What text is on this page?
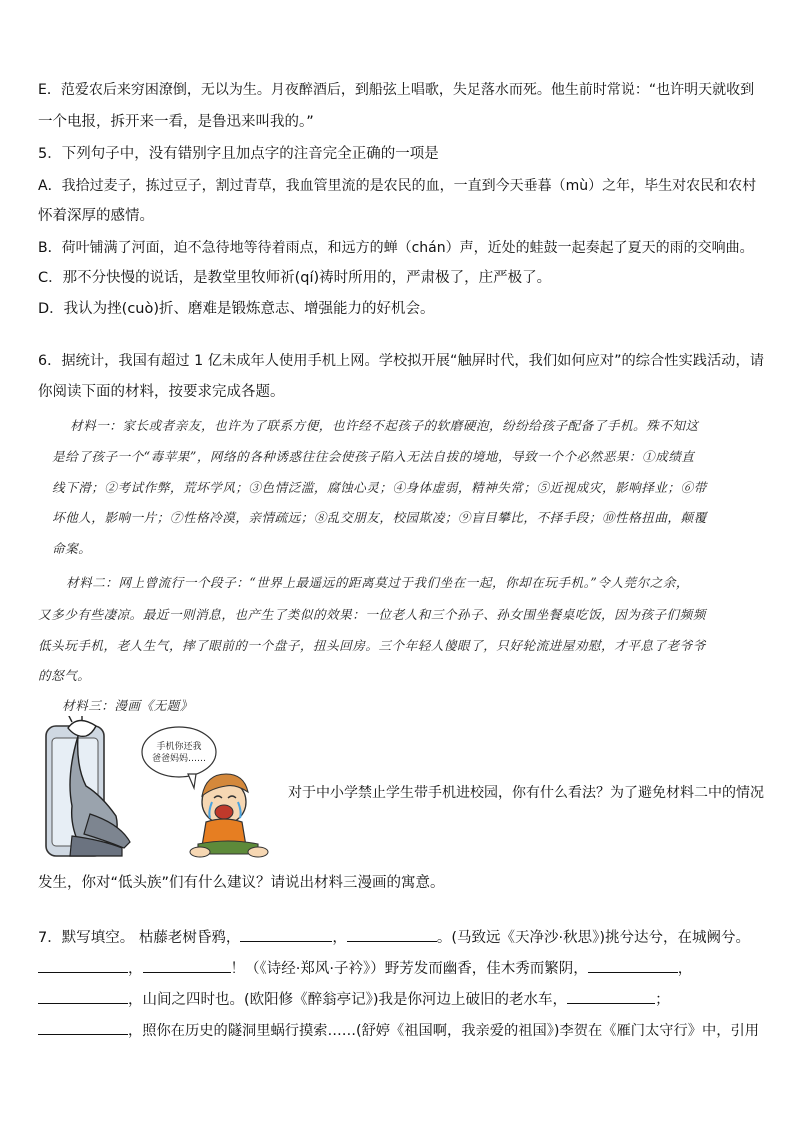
E．范爱农后来穷困潦倒，无以为生。月夜醉酒后，到船弦上唱歌，失足落水而死。他生前时常说：“也许明天就收到
一个电报，拆开来一看，是鲁迅来叫我的。”
5．下列句子中，没有错别字且加点字的注音完全正确的一项是
A．我拾过麦子，拣过豆子，割过青草，我血管里流的是农民的血，一直到今天垂暮（mù）之年，毕生对农民和农村
怀着深厚的感情。
B．荷叶铺满了河面，迫不急待地等待着雨点，和远方的蝉（chán）声，近处的蛙鼓一起奏起了夏天的雨的交响曲。
C．那不分快慢的说话，是教堂里牧师祈(qí)祷时所用的，严肃极了，庄严极了。
D．我认为挫(cuò)折、磨难是锻炼意志、增强能力的好机会。
6．据统计，我国有超过 1 亿未成年人使用手机上网。学校拟开展“触屏时代，我们如何应对”的综合性实践活动，请
你阅读下面的材料，按要求完成各题。
材料一：家长或者亲友，也许为了联系方便，也许经不起孩子的软磨硬泡，纷纷给孩子配备了手机。殊不知这
是给了孩子一个“毒苹果”，网络的各种诱惑往往会使孩子陷入无法自拔的境地，导致一个个必然恶果：①成绩直
线下滑；②考试作弊，荒坏学风；③色情泛滥，腐蚀心灵；④身体虚弱，精神失常；⑤近视成灾，影响择业；⑥带
坏他人，影响一片；⑦性格冷漠，亲情疏远；⑧乱交朋友，校园欺凌；⑨盲目攀比，不择手段；⑩性格扭曲，颠覆
命案。
材料二：网上曾流行一个段子：“世界上最遥远的距离莫过于我们坐在一起，你却在玩手机。”令人莞尔之余，
又多少有些凄凉。最近一则消息，也产生了类似的效果：一位老人和三个孙子、孙女围坐餐桌吃饭，因为孩子们频频
低头玩手机，老人生气，摔了眼前的一个盘子，扭头回房。三个年轻人傻眼了，只好轮流进屋劝慰，才平息了老爷爷
的怒气。
材料三：漫画《无题》
手机你还我
爸爸妈妈……
对于中小学禁止学生带手机进校园，你有什么看法？为了避免材料二中的情况
发生，你对“低头族”们有什么建议？请说出材料三漫画的寓意。
7．默写填空。 枯藤老树昏鸦，	，	。(马致远《天净沙·秋思》)挑兮达兮，在城阙兮。
，	！（《诗经·郑风·子衿》）野芳发而幽香，佳木秀而繁阴，	，
，山间之四时也。(欧阳修《醉翁亭记》)我是你河边上破旧的老水车，	；
，照你在历史的隧洞里蜗行摸索……(舒婷《祖国啊，我亲爱的祖国》)李贺在《雁门太守行》中，引用
